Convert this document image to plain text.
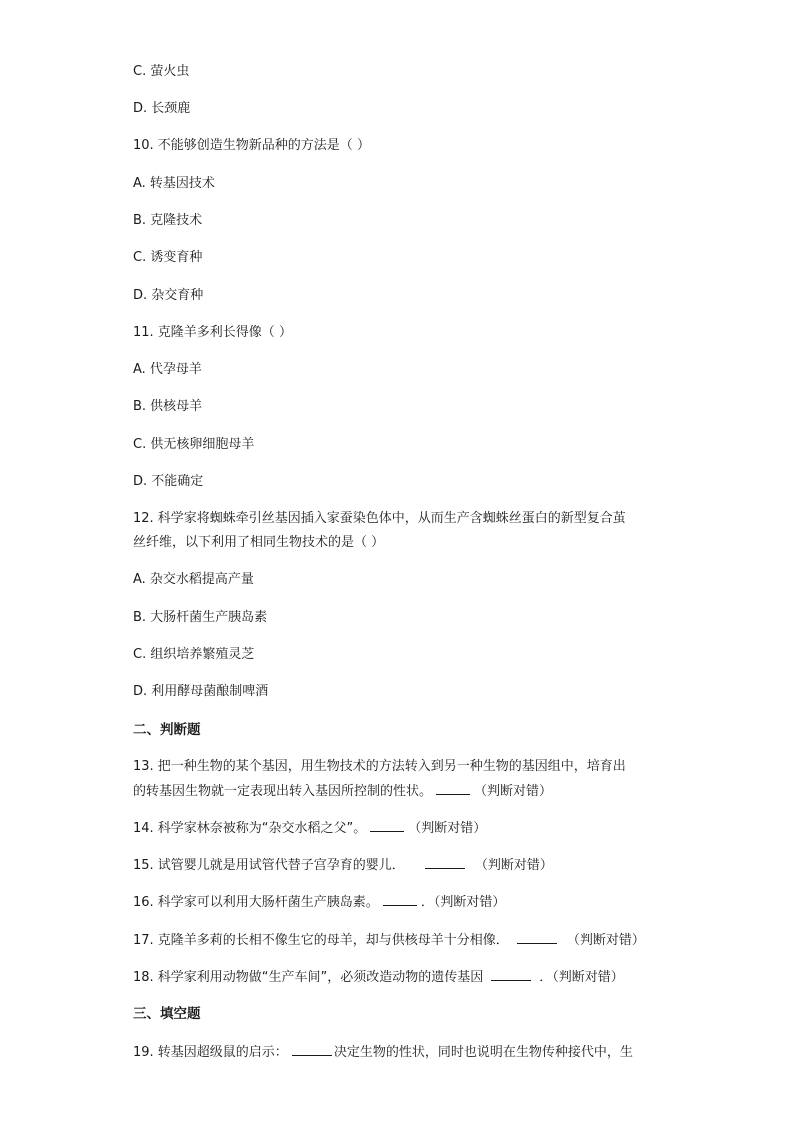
C. 萤火虫
D. 长颈鹿
10. 不能够创造生物新品种的方法是（ ）
A. 转基因技术
B. 克隆技术
C. 诱变育种
D. 杂交育种
11. 克隆羊多利长得像（ ）
A. 代孕母羊
B. 供核母羊
C. 供无核卵细胞母羊
D. 不能确定
12. 科学家将蜘蛛牵引丝基因插入家蚕染色体中，从而生产含蜘蛛丝蛋白的新型复合茧
丝纤维，以下利用了相同生物技术的是（ ）
A. 杂交水稻提高产量
B. 大肠杆菌生产胰岛素
C. 组织培养繁殖灵芝
D. 利用酵母菌酿制啤酒
二、判断题
13. 把一种生物的某个基因，用生物技术的方法转入到另一种生物的基因组中，培育出
的转基因生物就一定表现出转入基因所控制的性状。	（判断对错）
14. 科学家林奈被称为“杂交水稻之父”。	（判断对错）
15. 试管婴儿就是用试管代替子宫孕育的婴儿．	（判断对错）
16. 科学家可以利用大肠杆菌生产胰岛素。	．（判断对错）
17. 克隆羊多莉的长相不像生它的母羊，却与供核母羊十分相像．	（判断对错）
18. 科学家利用动物做“生产车间”，必须改造动物的遗传基因	．（判断对错）
三、填空题
19. 转基因超级鼠的启示：	决定生物的性状，同时也说明在生物传种接代中，生
